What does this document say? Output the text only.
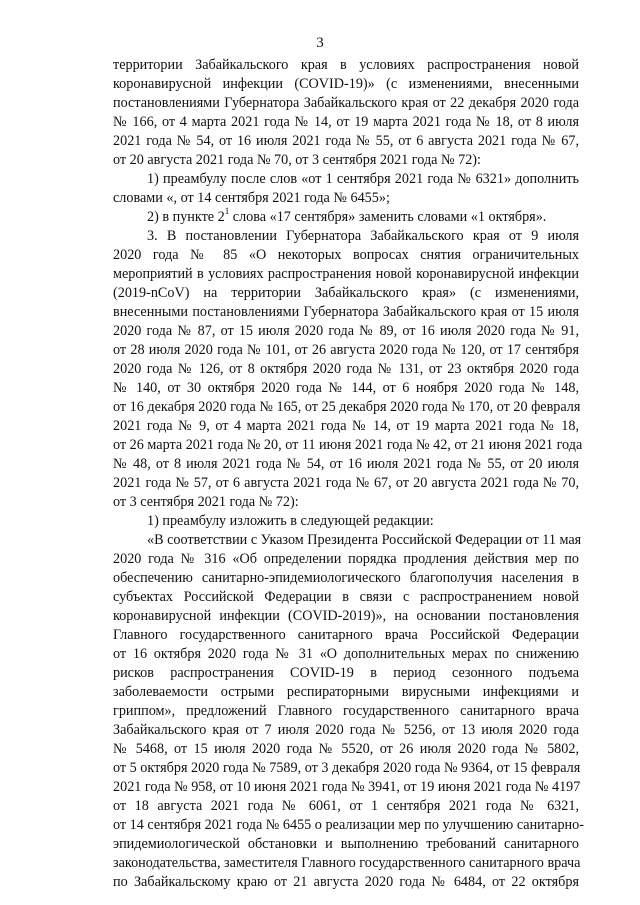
3
территории Забайкальского края в условиях распространения новой
коронавирусной инфекции (COVID-19)» (с изменениями, внесенными
постановлениями Губернатора Забайкальского края от 22 декабря 2020 года
№ 166, от 4 марта 2021 года № 14, от 19 марта 2021 года № 18, от 8 июля
2021 года № 54, от 16 июля 2021 года № 55, от 6 августа 2021 года № 67,
от 20 августа 2021 года № 70, от 3 сентября 2021 года № 72):
1) преамбулу после слов «от 1 сентября 2021 года № 6321» дополнить
словами «, от 14 сентября 2021 года № 6455»;
2) в пункте $2^1$ слова «17 сентября» заменить словами «1 октября».
3. В постановлении Губернатора Забайкальского края от 9 июля
2020 года № 85 «О некоторых вопросах снятия ограничительных
мероприятий в условиях распространения новой коронавирусной инфекции
(2019-nCoV) на территории Забайкальского края» (с изменениями,
внесенными постановлениями Губернатора Забайкальского края от 15 июля
2020 года № 87, от 15 июля 2020 года № 89, от 16 июля 2020 года № 91,
от 28 июля 2020 года № 101, от 26 августа 2020 года № 120, от 17 сентября
2020 года № 126, от 8 октября 2020 года № 131, от 23 октября 2020 года
№ 140, от 30 октября 2020 года № 144, от 6 ноября 2020 года № 148,
от 16 декабря 2020 года № 165, от 25 декабря 2020 года № 170, от 20 февраля
2021 года № 9, от 4 марта 2021 года № 14, от 19 марта 2021 года № 18,
от 26 марта 2021 года № 20, от 11 июня 2021 года № 42, от 21 июня 2021 года
№ 48, от 8 июля 2021 года № 54, от 16 июля 2021 года № 55, от 20 июля
2021 года № 57, от 6 августа 2021 года № 67, от 20 августа 2021 года № 70,
от 3 сентября 2021 года № 72):
1) преамбулу изложить в следующей редакции:
«В соответствии с Указом Президента Российской Федерации от 11 мая
2020 года № 316 «Об определении порядка продления действия мер по
обеспечению санитарно-эпидемиологического благополучия населения в
субъектах Российской Федерации в связи с распространением новой
коронавирусной инфекции (COVID-2019)», на основании постановления
Главного государственного санитарного врача Российской Федерации
от 16 октября 2020 года № 31 «О дополнительных мерах по снижению
рисков распространения COVID-19 в период сезонного подъема
заболеваемости острыми респираторными вирусными инфекциями и
гриппом», предложений Главного государственного санитарного врача
Забайкальского края от 7 июля 2020 года № 5256, от 13 июля 2020 года
№ 5468, от 15 июля 2020 года № 5520, от 26 июля 2020 года № 5802,
от 5 октября 2020 года № 7589, от 3 декабря 2020 года № 9364, от 15 февраля
2021 года № 958, от 10 июня 2021 года № 3941, от 19 июня 2021 года № 4197
от 18 августа 2021 года № 6061, от 1 сентября 2021 года № 6321,
от 14 сентября 2021 года № 6455 о реализации мер по улучшению санитарно-
эпидемиологической обстановки и выполнению требований санитарного
законодательства, заместителя Главного государственного санитарного врача
по Забайкальскому краю от 21 августа 2020 года № 6484, от 22 октября
